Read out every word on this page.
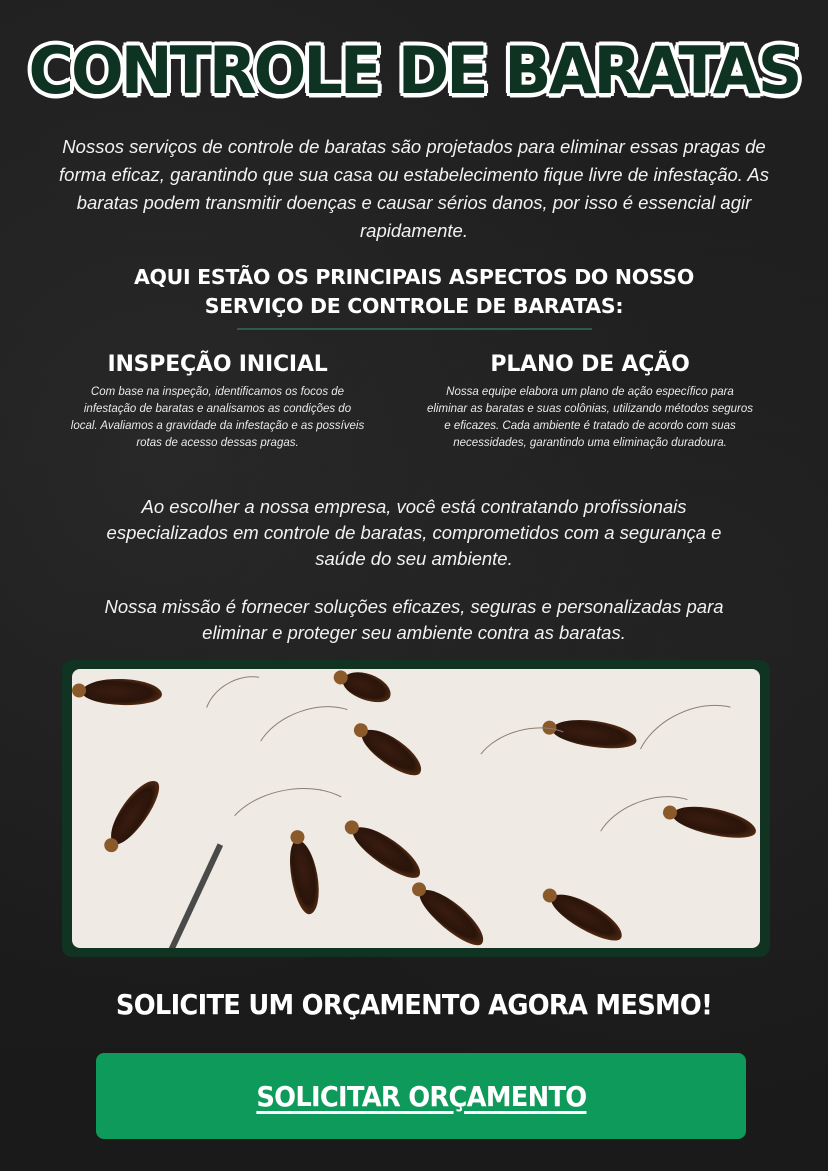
CONTROLE DE BARATAS
Nossos serviços de controle de baratas são projetados para eliminar essas pragas de forma eficaz, garantindo que sua casa ou estabelecimento fique livre de infestação. As baratas podem transmitir doenças e causar sérios danos, por isso é essencial agir rapidamente.
AQUI ESTÃO OS PRINCIPAIS ASPECTOS DO NOSSO SERVIÇO DE CONTROLE DE BARATAS:
INSPEÇÃO INICIAL

Com base na inspeção, identificamos os focos de infestação de baratas e analisamos as condições do local. Avaliamos a gravidade da infestação e as possíveis rotas de acesso dessas pragas.

PLANO DE AÇÃO

Nossa equipe elabora um plano de ação específico para eliminar as baratas e suas colônias, utilizando métodos seguros e eficazes. Cada ambiente é tratado de acordo com suas necessidades, garantindo uma eliminação duradoura.

Ao escolher a nossa empresa, você está contratando profissionais especializados em controle de baratas, comprometidos com a segurança e saúde do seu ambiente.
Nossa missão é fornecer soluções eficazes, seguras e personalizadas para eliminar e proteger seu ambiente contra as baratas.
SOLICITE UM ORÇAMENTO AGORA MESMO!
SOLICITAR ORÇAMENTO
